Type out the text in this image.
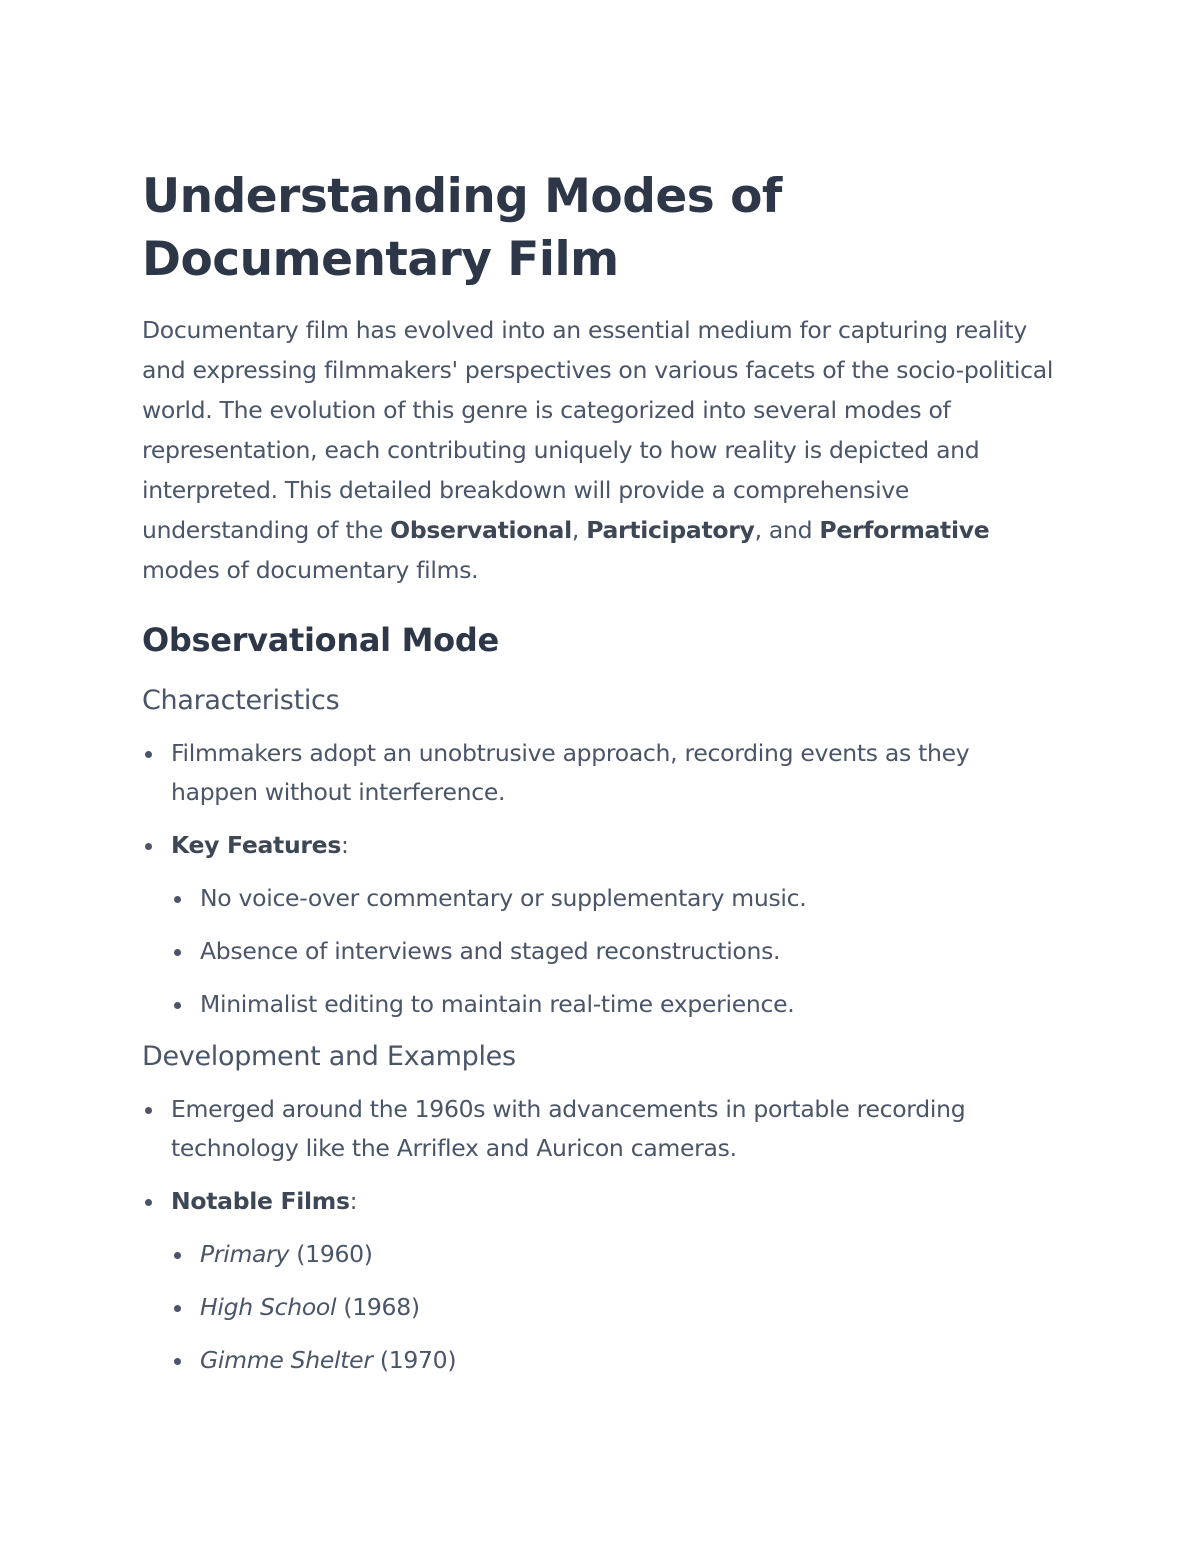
Understanding Modes of Documentary Film

Documentary film has evolved into an essential medium for capturing reality and expressing filmmakers' perspectives on various facets of the socio-political world. The evolution of this genre is categorized into several modes of representation, each contributing uniquely to how reality is depicted and interpreted. This detailed breakdown will provide a comprehensive understanding of the Observational, Participatory, and Performative modes of documentary films.

Observational Mode
Characteristics
Filmmakers adopt an unobtrusive approach, recording events as they happen without interference.
Key Features:
No voice-over commentary or supplementary music.
Absence of interviews and staged reconstructions.
Minimalist editing to maintain real-time experience.
Development and Examples
Emerged around the 1960s with advancements in portable recording technology like the Arriflex and Auricon cameras.
Notable Films:
Primary (1960)
High School (1968)
Gimme Shelter (1970)
